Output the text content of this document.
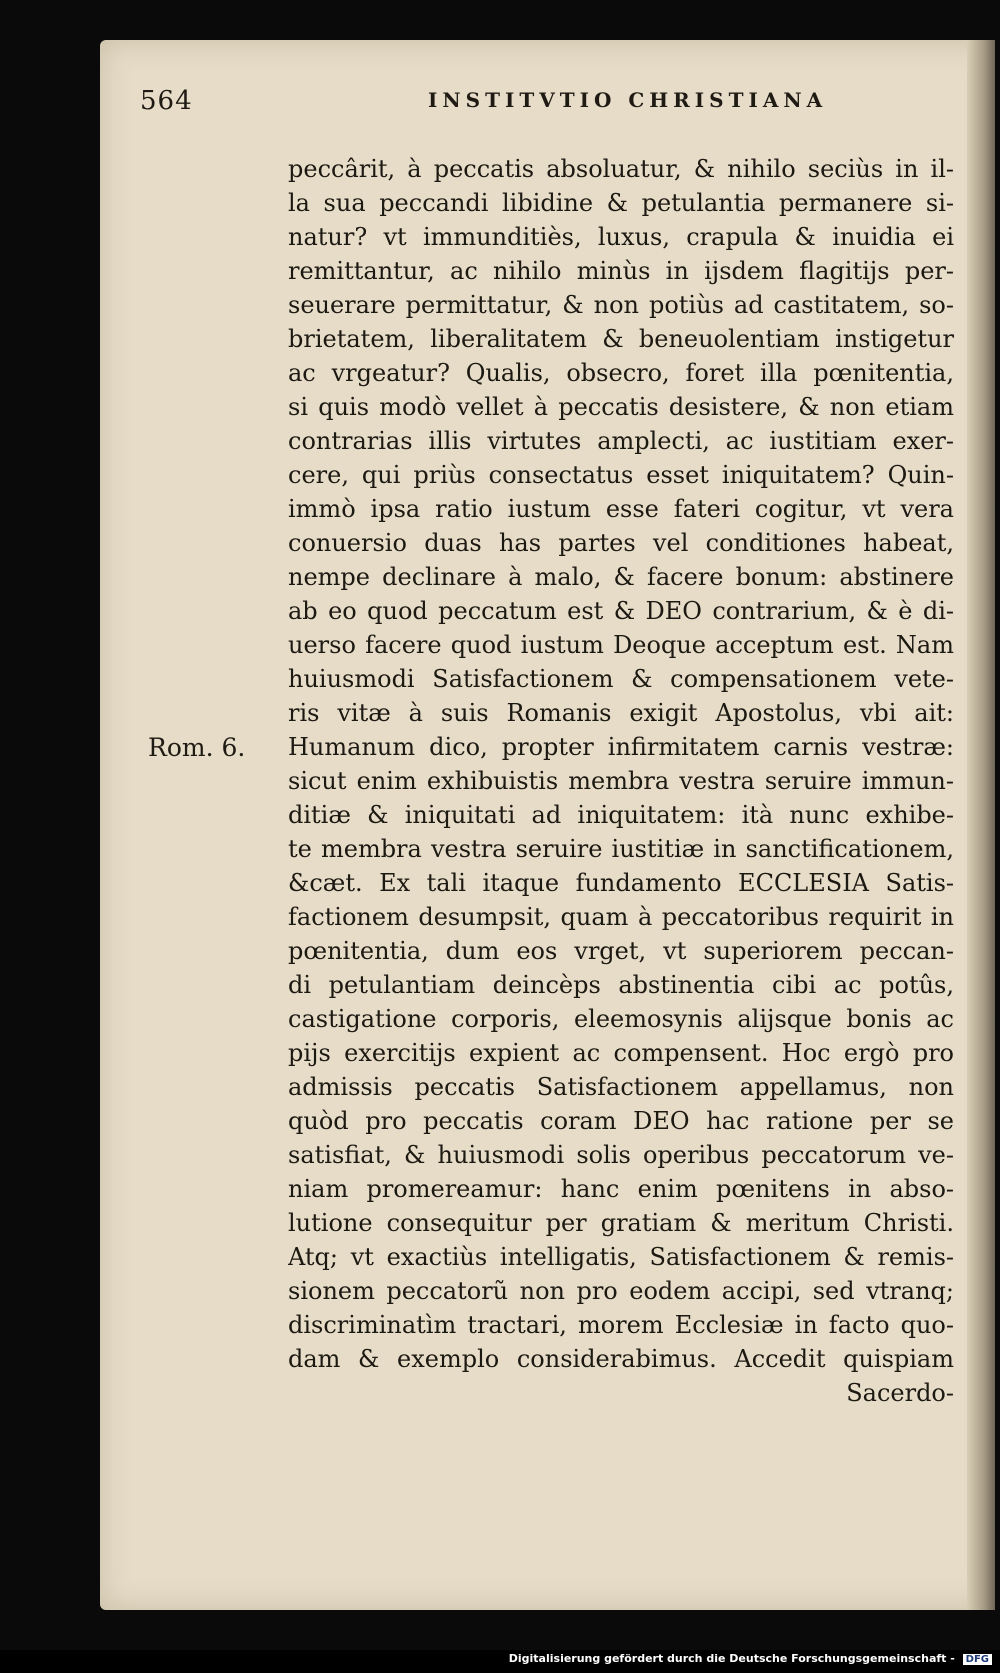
564	INSTITVTIO CHRISTIANA
Rom. 6.
peccârit, à peccatis absoluatur, & nihilo seciùs in il-
la sua peccandi libidine & petulantia permanere si-
natur? vt immunditiès, luxus, crapula & inuidia ei
remittantur, ac nihilo minùs in ijsdem flagitijs per-
seuerare permittatur, & non potiùs ad castitatem, so-
brietatem, liberalitatem & beneuolentiam instigetur
ac vrgeatur? Qualis, obsecro, foret illa pœnitentia,
si quis modò vellet à peccatis desistere, & non etiam
contrarias illis virtutes amplecti, ac iustitiam exer-
cere, qui priùs consectatus esset iniquitatem? Quin-
immò ipsa ratio iustum esse fateri cogitur, vt vera
conuersio duas has partes vel conditiones habeat,
nempe declinare à malo, & facere bonum: abstinere
ab eo quod peccatum est & DEO contrarium, & è di-
uerso facere quod iustum Deoque acceptum est. Nam
huiusmodi Satisfactionem & compensationem vete-
ris vitæ à suis Romanis exigit Apostolus, vbi ait:
Humanum dico, propter infirmitatem carnis vestræ:
sicut enim exhibuistis membra vestra seruire immun-
ditiæ & iniquitati ad iniquitatem: ità nunc exhibe-
te membra vestra seruire iustitiæ in sanctificationem,
&cæt. Ex tali itaque fundamento ECCLESIA Satis-
factionem desumpsit, quam à peccatoribus requirit in
pœnitentia, dum eos vrget, vt superiorem peccan-
di petulantiam deincèps abstinentia cibi ac potûs,
castigatione corporis, eleemosynis alijsque bonis ac
pijs exercitijs expient ac compensent. Hoc ergò pro
admissis peccatis Satisfactionem appellamus, non
quòd pro peccatis coram DEO hac ratione per se
satisfiat, & huiusmodi solis operibus peccatorum ve-
niam promereamur: hanc enim pœnitens in abso-
lutione consequitur per gratiam & meritum Christi.
Atq; vt exactiùs intelligatis, Satisfactionem & remis-
sionem peccatorũ non pro eodem accipi, sed vtranq;
discriminatìm tractari, morem Ecclesiæ in facto quo-
dam & exemplo considerabimus. Accedit quispiam
Sacerdo-
Digitalisierung gefördert durch die Deutsche Forschungsgemeinschaft - DFG
